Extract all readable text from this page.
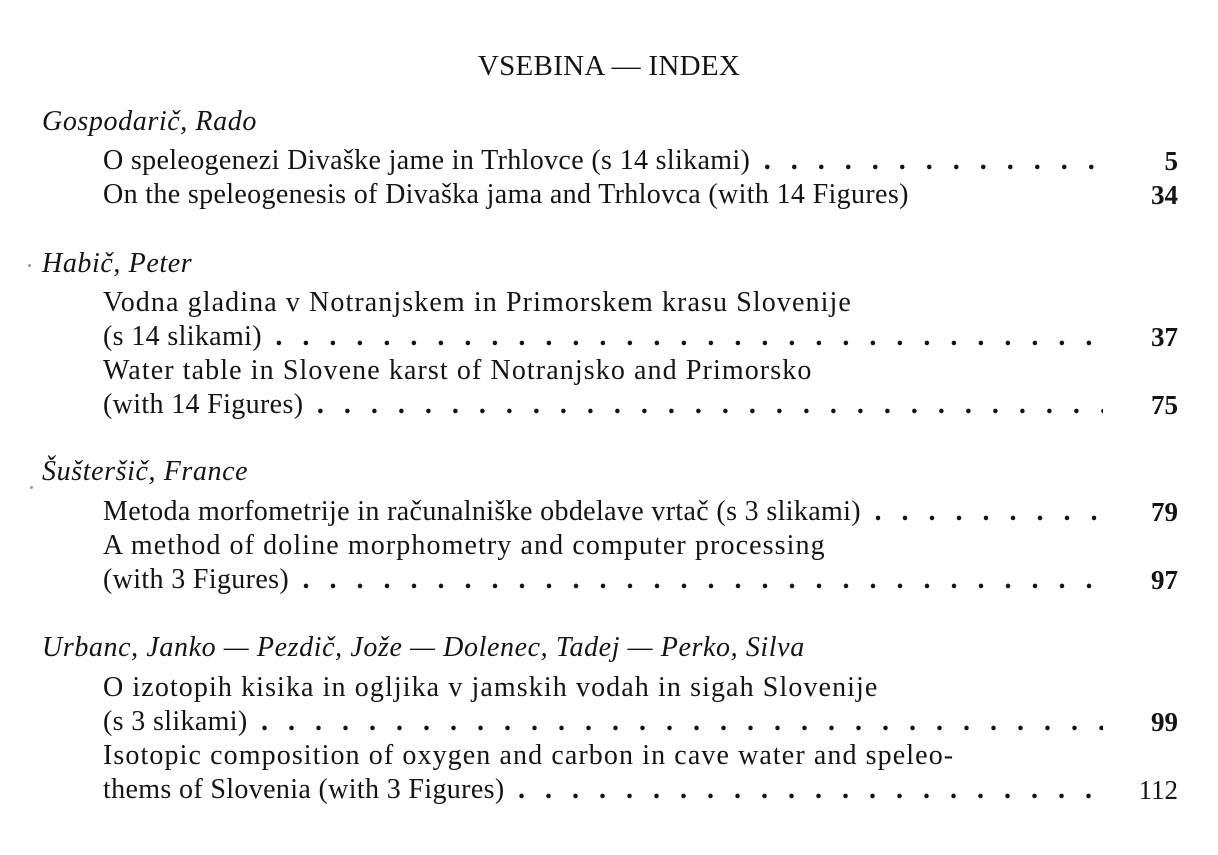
VSEBINA — INDEX
Gospodarič, Rado
O speleogenezi Divaške jame in Trhlovce (s 14 slikami) . . .	5
On the speleogenesis of Divaška jama and Trhlovca (with 14 Figures)	34
Habič, Peter
Vodna gladina v Notranjskem in Primorskem krasu Slovenije
(s 14 slikami) . . .	37
Water table in Slovene karst of Notranjsko and Primorsko
(with 14 Figures) . . .	75
Šušteršič, France
Metoda morfometrije in računalniške obdelave vrtač (s 3 slikami) . . .	79
A method of doline morphometry and computer processing
(with 3 Figures) . . .	97
Urbanc, Janko — Pezdič, Jože — Dolenec, Tadej — Perko, Silva
O izotopih kisika in ogljika v jamskih vodah in sigah Slovenije
(s 3 slikami) . . .	99
Isotopic composition of oxygen and carbon in cave water and speleo-
thems of Slovenia (with 3 Figures) . . .	112
